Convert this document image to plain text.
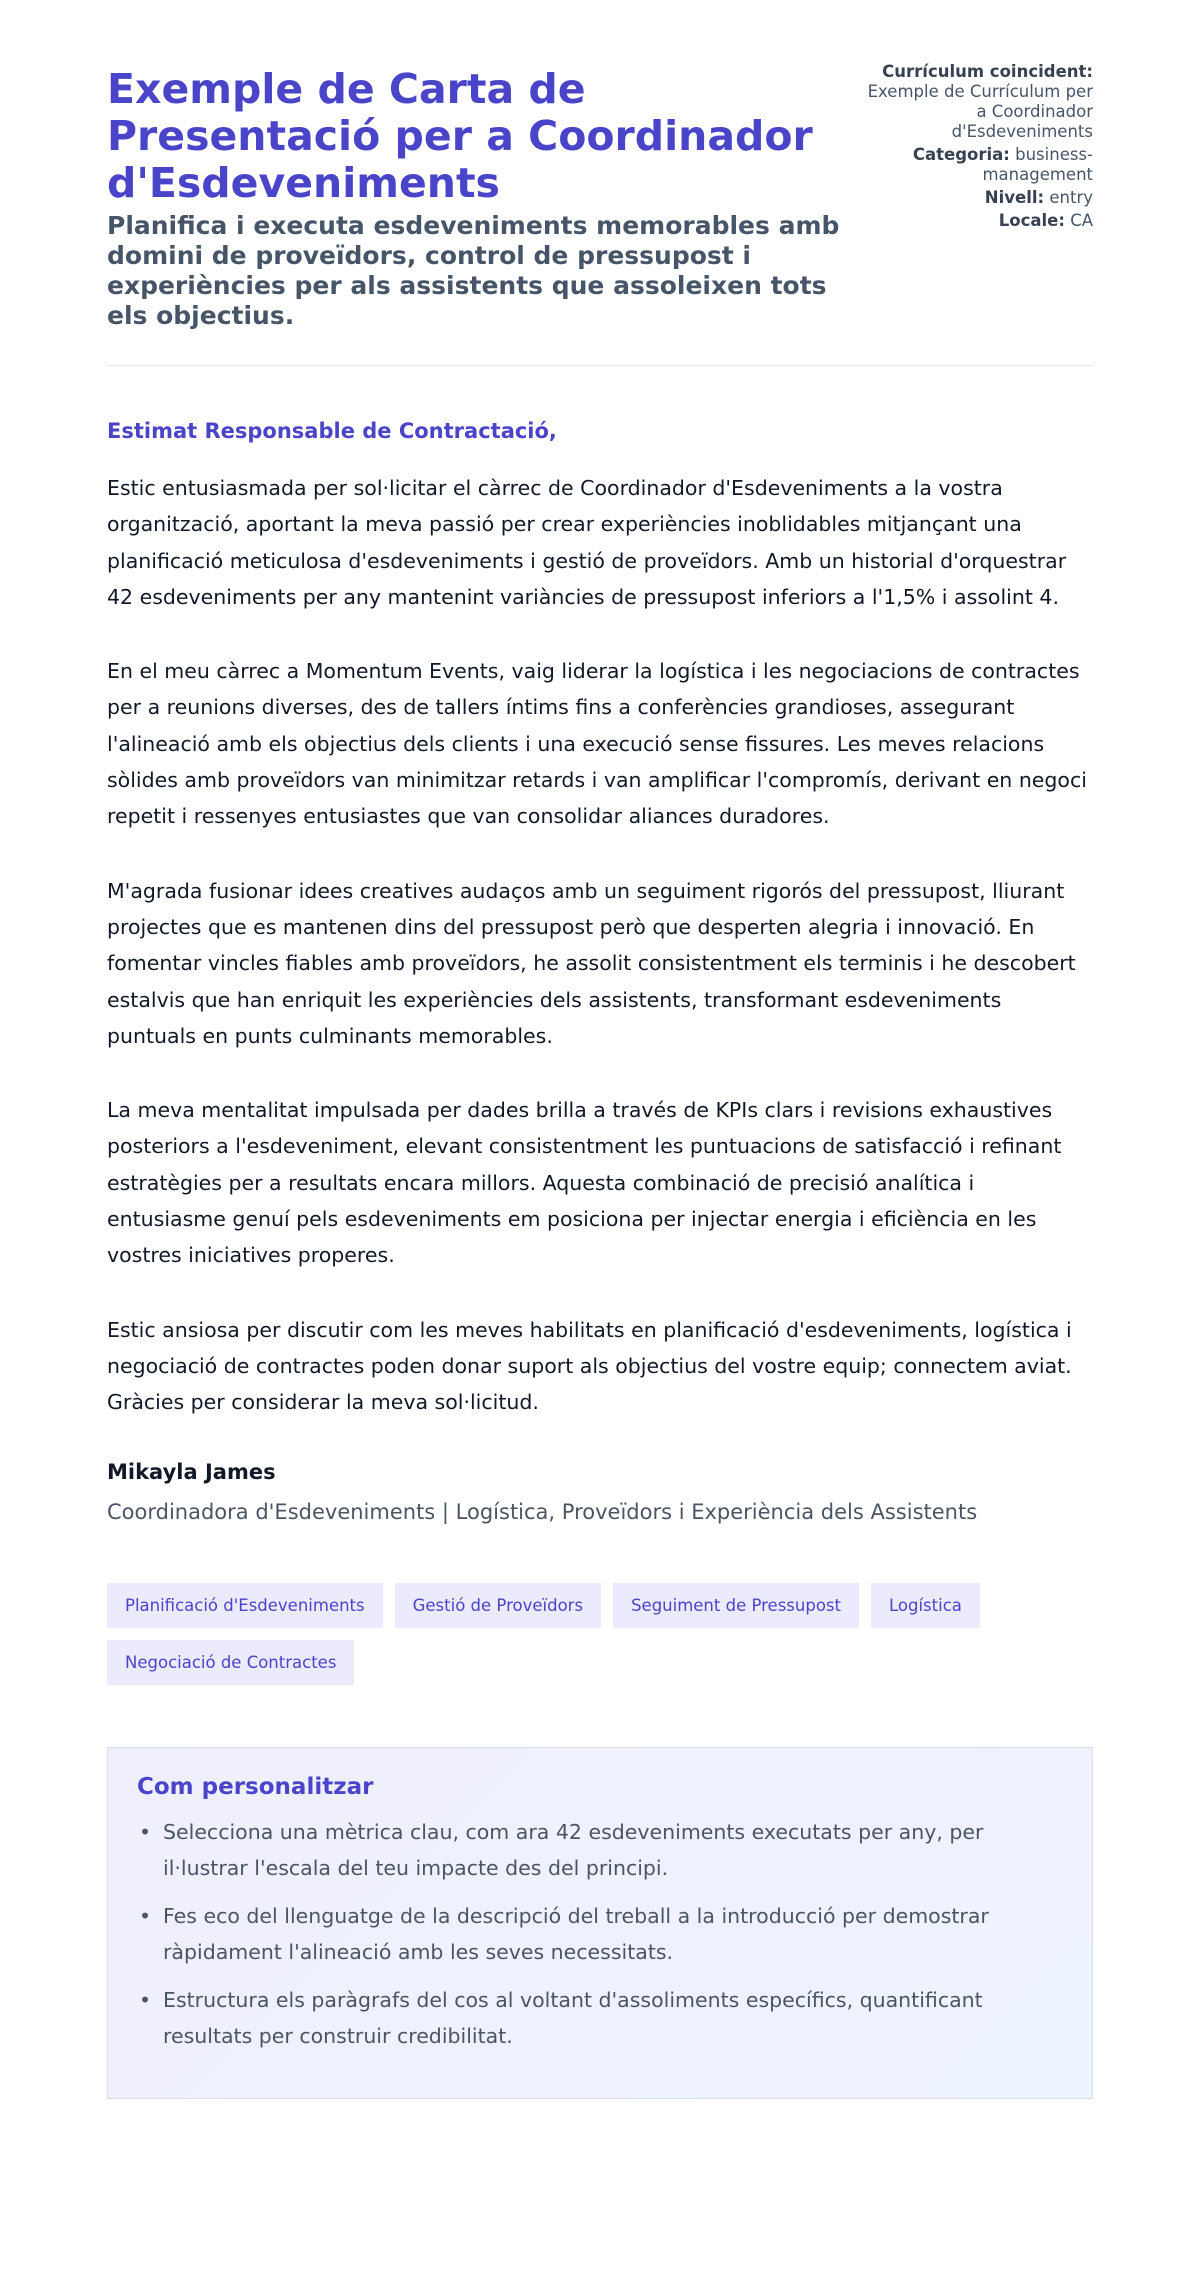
Exemple de Carta de Presentació per a Coordinador d'Esdeveniments
Planifica i executa esdeveniments memorables amb domini de proveïdors, control de pressupost i experiències per als assistents que assoleixen tots els objectius.
Currículum coincident: Exemple de Currículum per a Coordinador d'Esdeveniments
Categoria: business-management
Nivell: entry
Locale: CA

Estimat Responsable de Contractació,

Estic entusiasmada per sol·licitar el càrrec de Coordinador d'Esdeveniments a la vostra organització, aportant la meva passió per crear experiències inoblidables mitjançant una planificació meticulosa d'esdeveniments i gestió de proveïdors. Amb un historial d'orquestrar 42 esdeveniments per any mantenint variàncies de pressupost inferiors a l'1,5% i assolint 4.

En el meu càrrec a Momentum Events, vaig liderar la logística i les negociacions de contractes per a reunions diverses, des de tallers íntims fins a conferències grandioses, assegurant l'alineació amb els objectius dels clients i una execució sense fissures. Les meves relacions sòlides amb proveïdors van minimitzar retards i van amplificar l'compromís, derivant en negoci repetit i ressenyes entusiastes que van consolidar aliances duradores.

M'agrada fusionar idees creatives audaços amb un seguiment rigorós del pressupost, lliurant projectes que es mantenen dins del pressupost però que desperten alegria i innovació. En fomentar vincles fiables amb proveïdors, he assolit consistentment els terminis i he descobert estalvis que han enriquit les experiències dels assistents, transformant esdeveniments puntuals en punts culminants memorables.

La meva mentalitat impulsada per dades brilla a través de KPIs clars i revisions exhaustives posteriors a l'esdeveniment, elevant consistentment les puntuacions de satisfacció i refinant estratègies per a resultats encara millors. Aquesta combinació de precisió analítica i entusiasme genuí pels esdeveniments em posiciona per injectar energia i eficiència en les vostres iniciatives properes.

Estic ansiosa per discutir com les meves habilitats en planificació d'esdeveniments, logística i negociació de contractes poden donar suport als objectius del vostre equip; connectem aviat. Gràcies per considerar la meva sol·licitud.

Mikayla James

Coordinadora d'Esdeveniments | Logística, Proveïdors i Experiència dels Assistents

Planificació d'Esdeveniments	Gestió de Proveïdors	Seguiment de Pressupost	Logística
Negociació de Contractes
Com personalitzar
• Selecciona una mètrica clau, com ara 42 esdeveniments executats per any, per il·lustrar l'escala del teu impacte des del principi.
• Fes eco del llenguatge de la descripció del treball a la introducció per demostrar ràpidament l'alineació amb les seves necessitats.
• Estructura els paràgrafs del cos al voltant d'assoliments específics, quantificant resultats per construir credibilitat.
